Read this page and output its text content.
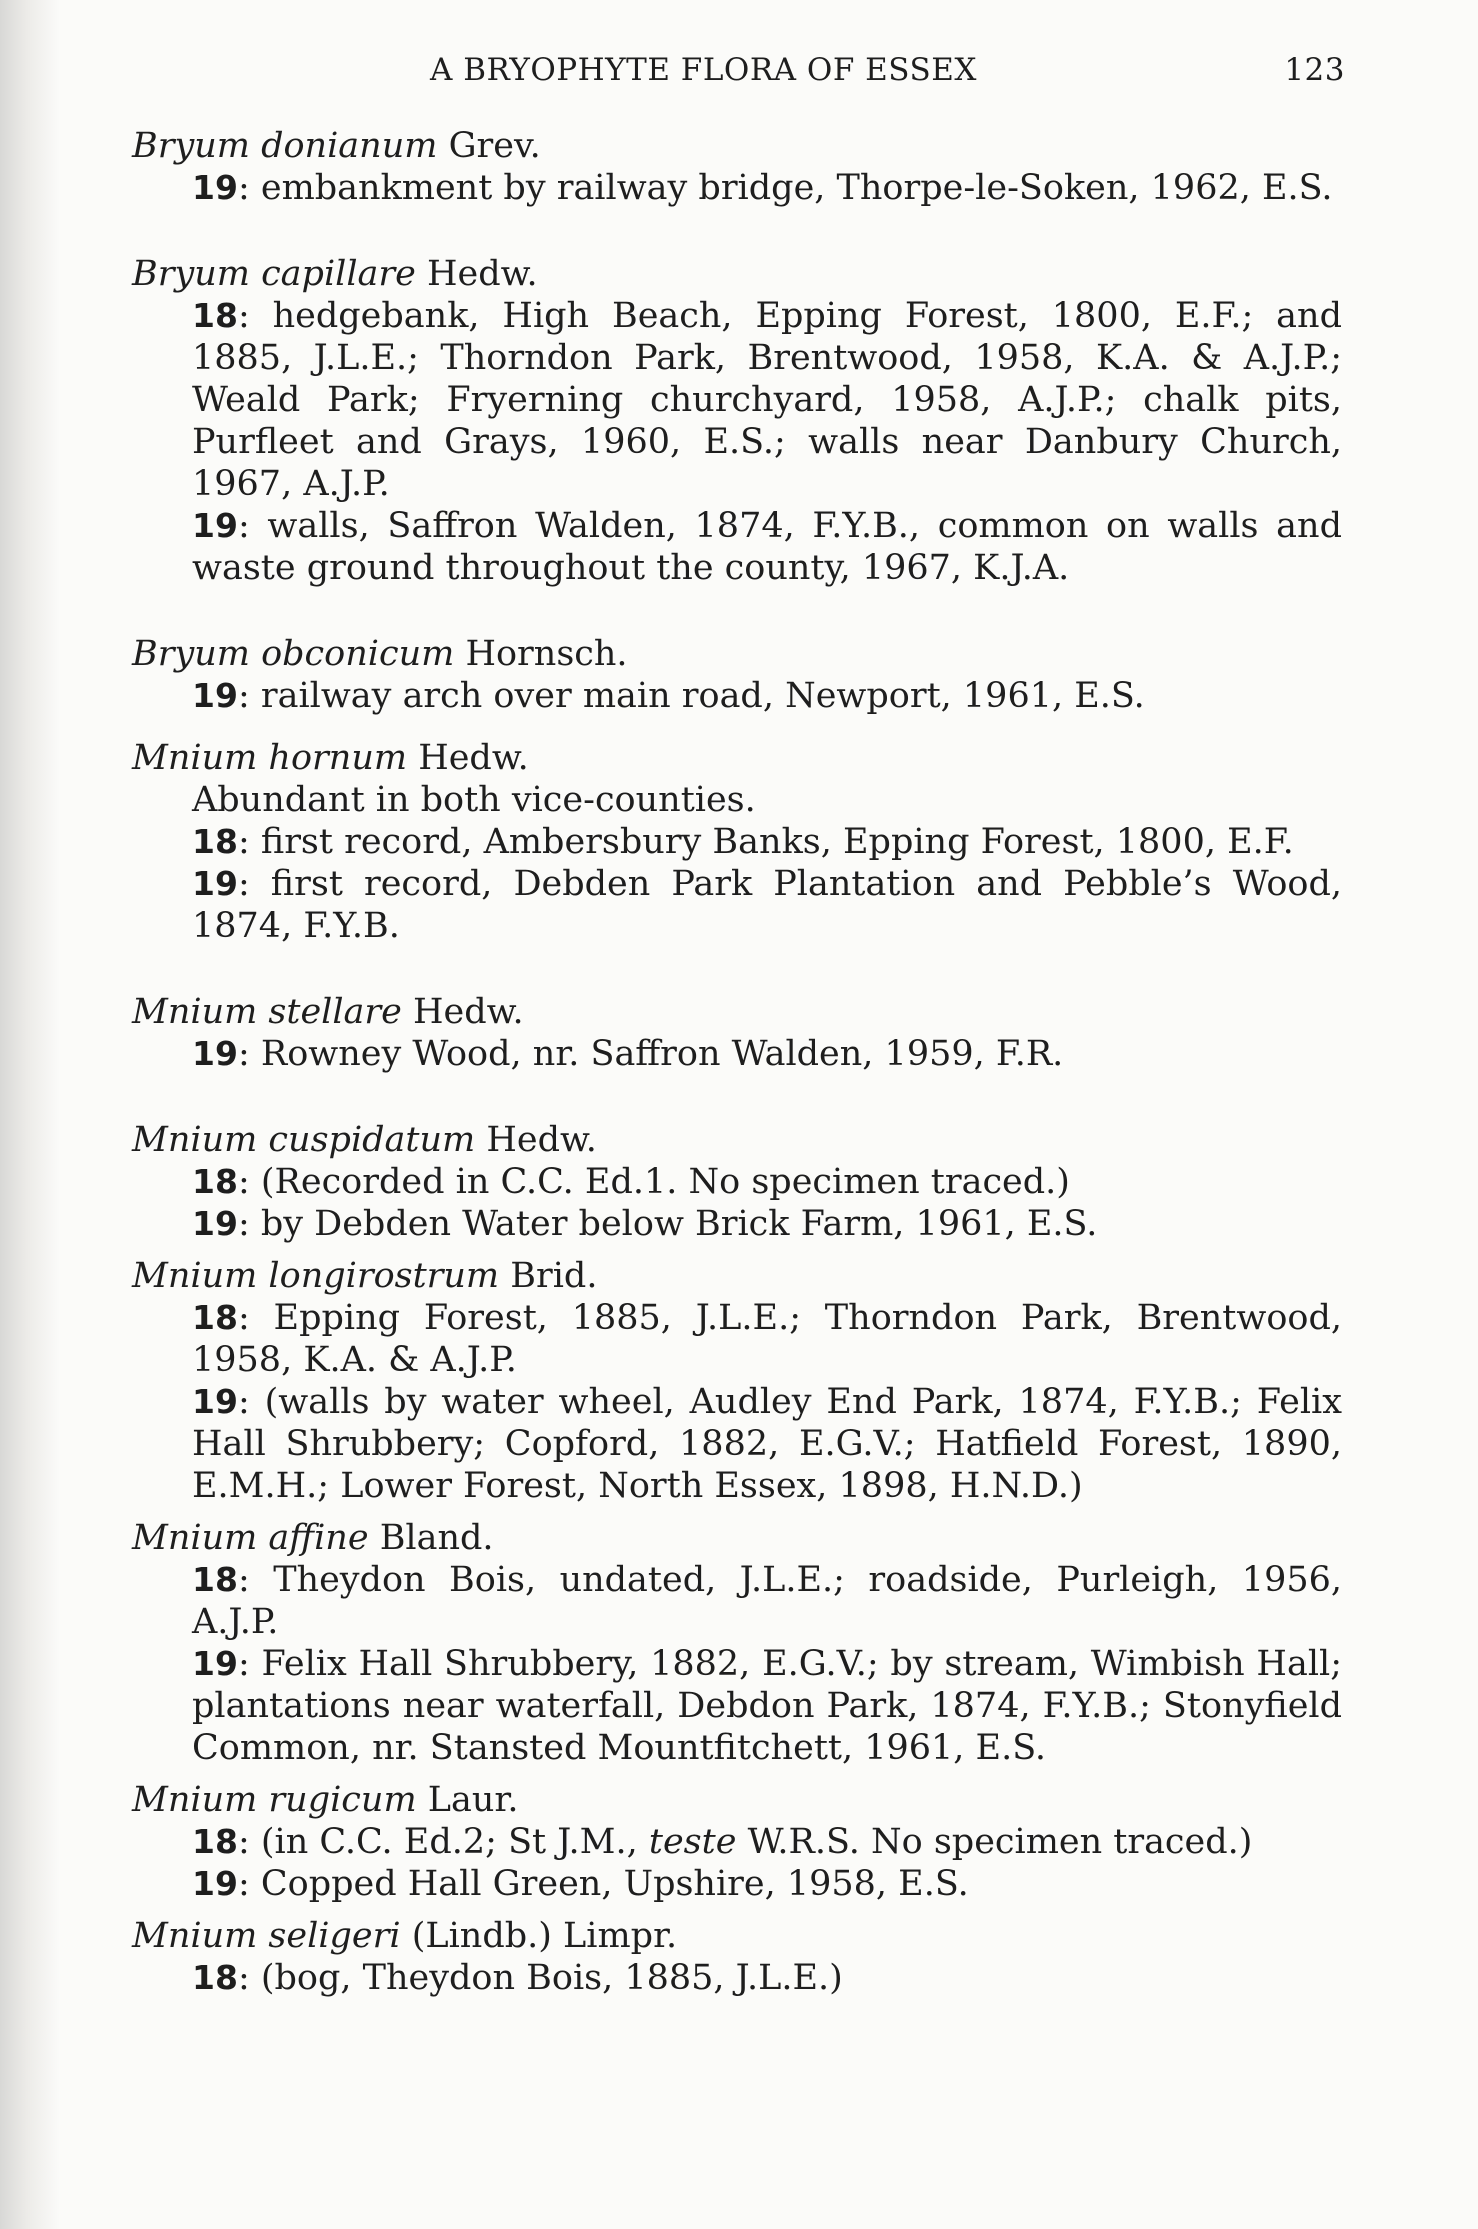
A BRYOPHYTE FLORA OF ESSEX	123

Bryum donianum Grev.

19: embankment by railway bridge, Thorpe-le-Soken, 1962, E.S.

Bryum capillare Hedw.

18: hedgebank, High Beach, Epping Forest, 1800, E.F.; and 1885, J.L.E.; Thorndon Park, Brentwood, 1958, K.A. & A.J.P.; Weald Park; Fryerning churchyard, 1958, A.J.P.; chalk pits, Purfleet and Grays, 1960, E.S.; walls near Danbury Church, 1967, A.J.P.

19: walls, Saffron Walden, 1874, F.Y.B., common on walls and waste ground throughout the county, 1967, K.J.A.

Bryum obconicum Hornsch.

19: railway arch over main road, Newport, 1961, E.S.

Mnium hornum Hedw.

Abundant in both vice-counties.

18: first record, Ambersbury Banks, Epping Forest, 1800, E.F.

19: first record, Debden Park Plantation and Pebble’s Wood, 1874, F.Y.B.

Mnium stellare Hedw.

19: Rowney Wood, nr. Saffron Walden, 1959, F.R.

Mnium cuspidatum Hedw.

18: (Recorded in C.C. Ed.1. No specimen traced.)

19: by Debden Water below Brick Farm, 1961, E.S.

Mnium longirostrum Brid.

18: Epping Forest, 1885, J.L.E.; Thorndon Park, Brentwood, 1958, K.A. & A.J.P.

19: (walls by water wheel, Audley End Park, 1874, F.Y.B.; Felix Hall Shrubbery; Copford, 1882, E.G.V.; Hatfield Forest, 1890, E.M.H.; Lower Forest, North Essex, 1898, H.N.D.)

Mnium affine Bland.

18: Theydon Bois, undated, J.L.E.; roadside, Purleigh, 1956, A.J.P.

19: Felix Hall Shrubbery, 1882, E.G.V.; by stream, Wimbish Hall; plantations near waterfall, Debdon Park, 1874, F.Y.B.; Stonyfield Common, nr. Stansted Mountfitchett, 1961, E.S.

Mnium rugicum Laur.

18: (in C.C. Ed.2; St J.M., teste W.R.S. No specimen traced.)

19: Copped Hall Green, Upshire, 1958, E.S.

Mnium seligeri (Lindb.) Limpr.

18: (bog, Theydon Bois, 1885, J.L.E.)
